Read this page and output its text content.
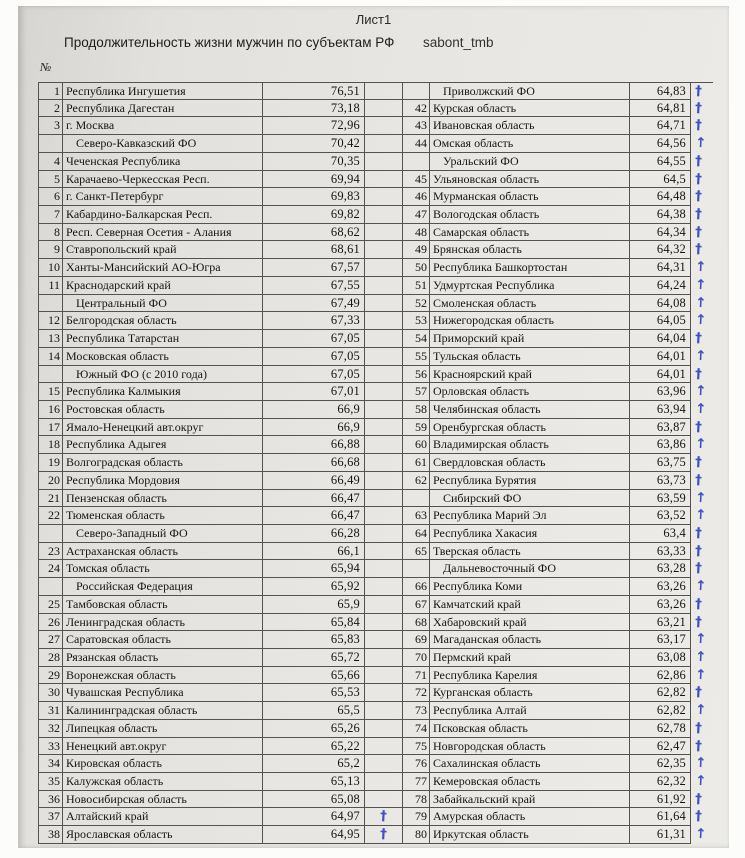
Лист1
Продолжительность жизни мужчин по субъектам РФ sabont_tmb
№
1 Республика Ингушетия	76,51	Приволжский ФО	64,83 †
2 Республика Дагестан	73,18	42 Курская область	64,81 †
3 г. Москва	72,96	43 Ивановская область	64,71 †
Северо-Кавказский ФО	70,42	44 Омская область	64,56 ↑
4 Чеченская Республика	70,35	Уральский ФО	64,55 †
5 Карачаево-Черкесская Респ.	69,94	45 Ульяновская область	64,5 †
6 г. Санкт-Петербург	69,83	46 Мурманская область	64,48 †
7 Кабардино-Балкарская Респ.	69,82	47 Вологодская область	64,38 †
8 Респ. Северная Осетия - Алания	68,62	48 Самарская область	64,34 †
9 Ставропольский край	68,61	49 Брянская область	64,32 †
10 Ханты-Мансийский АО-Югра	67,57	50 Республика Башкортостан	64,31 ↑
11 Краснодарский край	67,55	51 Удмуртская Республика	64,24 ↑
Центральный ФО	67,49	52 Смоленская область	64,08 ↑
12 Белгородская область	67,33	53 Нижегородская область	64,05 ↑
13 Республика Татарстан	67,05	54 Приморский край	64,04 †
14 Московская область	67,05	55 Тульская область	64,01 ↑
Южный ФО (с 2010 года)	67,05	56 Красноярский край	64,01 †
15 Республика Калмыкия	67,01	57 Орловская область	63,96 ↑
16 Ростовская область	66,9	58 Челябинская область	63,94 ↑
17 Ямало-Ненецкий авт.округ	66,9	59 Оренбургская область	63,87 †
18 Республика Адыгея	66,88	60 Владимирская область	63,86 ↑
19 Волгоградская область	66,68	61 Свердловская область	63,75 †
20 Республика Мордовия	66,49	62 Республика Бурятия	63,73 †
21 Пензенская область	66,47	Сибирский ФО	63,59 ↑
22 Тюменская область	66,47	63 Республика Марий Эл	63,52 ↑
Северо-Западный ФО	66,28	64 Республика Хакасия	63,4 †
23 Астраханская область	66,1	65 Тверская область	63,33 †
24 Томская область	65,94	Дальневосточный ФО	63,28 †
Российская Федерация	65,92	66 Республика Коми	63,26 ↑
25 Тамбовская область	65,9	67 Камчатский край	63,26 †
26 Ленинградская область	65,84	68 Хабаровский край	63,21 †
27 Саратовская область	65,83	69 Магаданская область	63,17 ↑
28 Рязанская область	65,72	70 Пермский край	63,08 ↑
29 Воронежская область	65,66	71 Республика Карелия	62,86 ↑
30 Чувашская Республика	65,53	72 Курганская область	62,82 †
31 Калининградская область	65,5	73 Республика Алтай	62,82 ↑
32 Липецкая область	65,26	74 Псковская область	62,78 †
33 Ненецкий авт.округ	65,22	75 Новгородская область	62,47 †
34 Кировская область	65,2	76 Сахалинская область	62,35 ↑
35 Калужская область	65,13	77 Кемеровская область	62,32 ↑
36 Новосибирская область	65,08	78 Забайкальский край	61,92 †
37 Алтайский край	64,97	†	79 Амурская область	61,64 †
38 Ярославская область	64,95	†	80 Иркутская область	61,31 ↑
